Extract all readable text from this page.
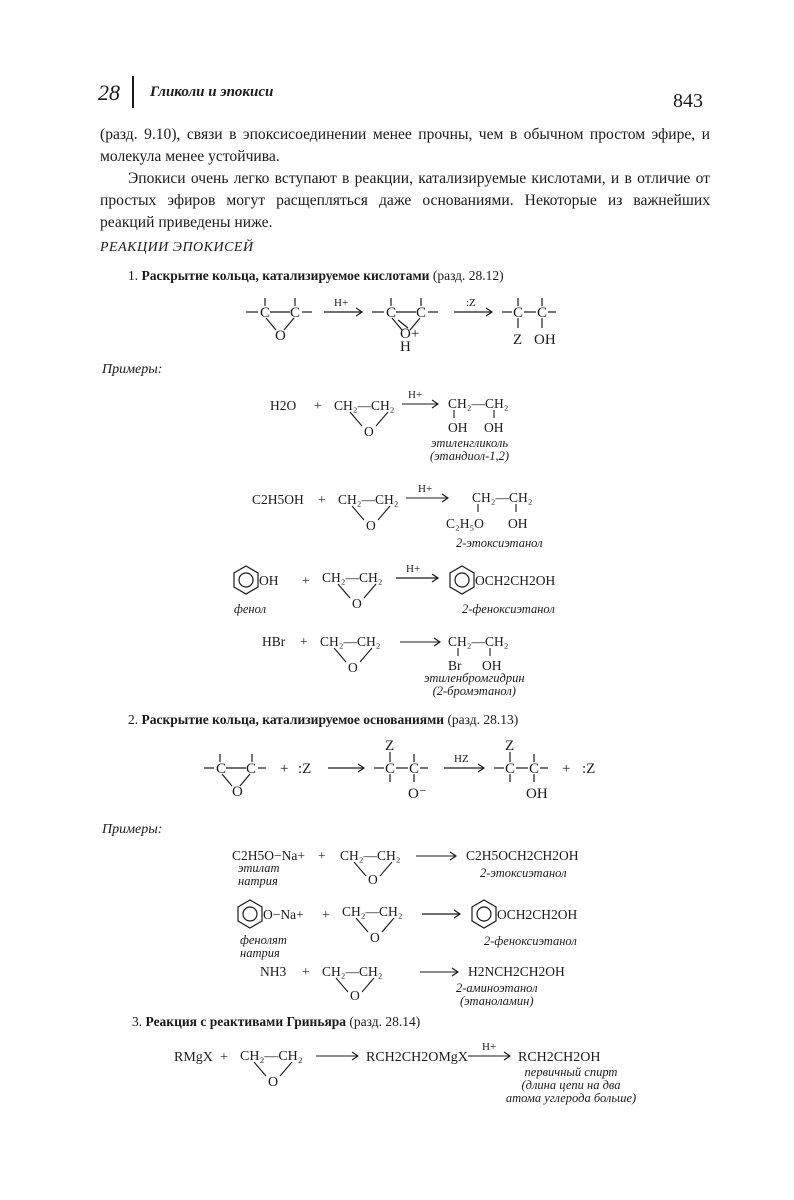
28 Гликоли и эпокиси	843

(разд. 9.10), связи в эпоксисоединении менее прочны, чем в обычном простом эфире, и молекула менее устойчива.

Эпокиси очень легко вступают в реакции, катализируемые кислотами, и в отличие от простых эфиров могут расщепляться даже основаниями. Некоторые из важнейших реакций приведены ниже.

РЕАКЦИИ ЭПОКИСЕЙ
1. Раскрытие кольца, катализируемое кислотами (разд. 28.12)
C C
O
H+
C C
O+
H
:Z
C C
Z OH
Примеры:
H2O + CH₂—CH₂
O
H+
CH₂—CH₂
OH OH
этиленгликоль
(этандиол-1,2)
C2H5OH + CH₂—CH₂
O
H+
CH₂—CH₂
C₂H₅O OH
2-этоксиэтанол
OH + CH₂—CH₂
O
H+
OCH2CH2OH
фенол	2-феноксиэтанол
HBr + CH₂—CH₂
O
CH₂—CH₂
Br OH
этиленбромгидрин
(2-бромэтанол)
2. Раскрытие кольца, катализируемое основаниями (разд. 28.13)
C C
O
+ :Z
Z
C C
O⁻
HZ
Z
C C
OH
+ :Z
Примеры:
C2H5O−Na+ + CH₂—CH₂
O
C2H5OCH2CH2OH
этилат
натрия
2-этоксиэтанол
O−Na+ + CH₂—CH₂
O
OCH2CH2OH
фенолят
натрия
2-феноксиэтанол
NH3 + CH₂—CH₂
O
H2NCH2CH2OH
2-аминоэтанол
(этаноламин)
3. Реакция с реактивами Гриньяра (разд. 28.14)
RMgX + CH₂—CH₂
O
RCH2CH2OMgX
H+
RCH2CH2OH
первичный спирт
(длина цепи на два
атома углерода больше)
